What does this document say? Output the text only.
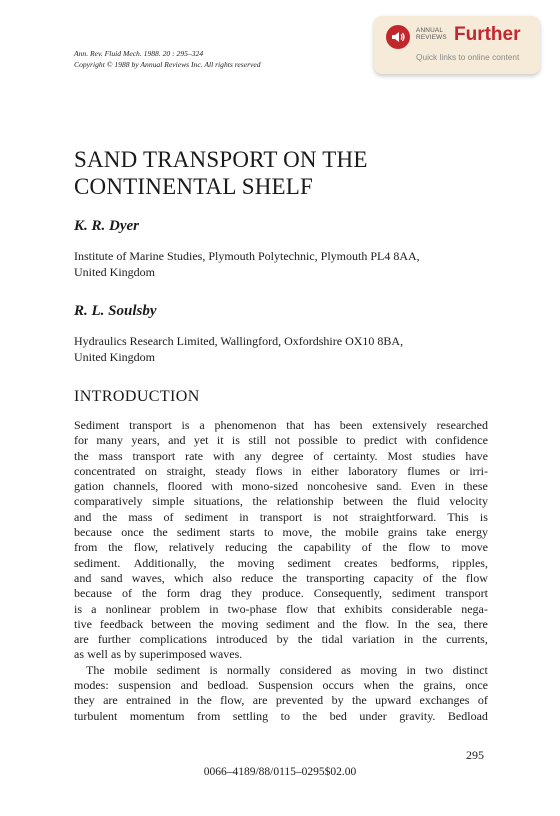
Ann. Rev. Fluid Mech. 1988. 20 : 295–324
Copyright © 1988 by Annual Reviews Inc. All rights reserved
ANNUAL
REVIEWS Further
Quick links to online content
SAND TRANSPORT ON THE
CONTINENTAL SHELF
K. R. Dyer
Institute of Marine Studies, Plymouth Polytechnic, Plymouth PL4 8AA,
United Kingdom
R. L. Soulsby
Hydraulics Research Limited, Wallingford, Oxfordshire OX10 8BA,
United Kingdom
INTRODUCTION
Sediment transport is a phenomenon that has been extensively researched
for many years, and yet it is still not possible to predict with confidence
the mass transport rate with any degree of certainty. Most studies have
concentrated on straight, steady flows in either laboratory flumes or irri-
gation channels, floored with mono-sized noncohesive sand. Even in these
comparatively simple situations, the relationship between the fluid velocity
and the mass of sediment in transport is not straightforward. This is
because once the sediment starts to move, the mobile grains take energy
from the flow, relatively reducing the capability of the flow to move
sediment. Additionally, the moving sediment creates bedforms, ripples,
and sand waves, which also reduce the transporting capacity of the flow
because of the form drag they produce. Consequently, sediment transport
is a nonlinear problem in two-phase flow that exhibits considerable nega-
tive feedback between the moving sediment and the flow. In the sea, there
are further complications introduced by the tidal variation in the currents,
as well as by superimposed waves.
The mobile sediment is normally considered as moving in two distinct
modes: suspension and bedload. Suspension occurs when the grains, once
they are entrained in the flow, are prevented by the upward exchanges of
turbulent momentum from settling to the bed under gravity. Bedload
295
0066–4189/88/0115–0295$02.00
